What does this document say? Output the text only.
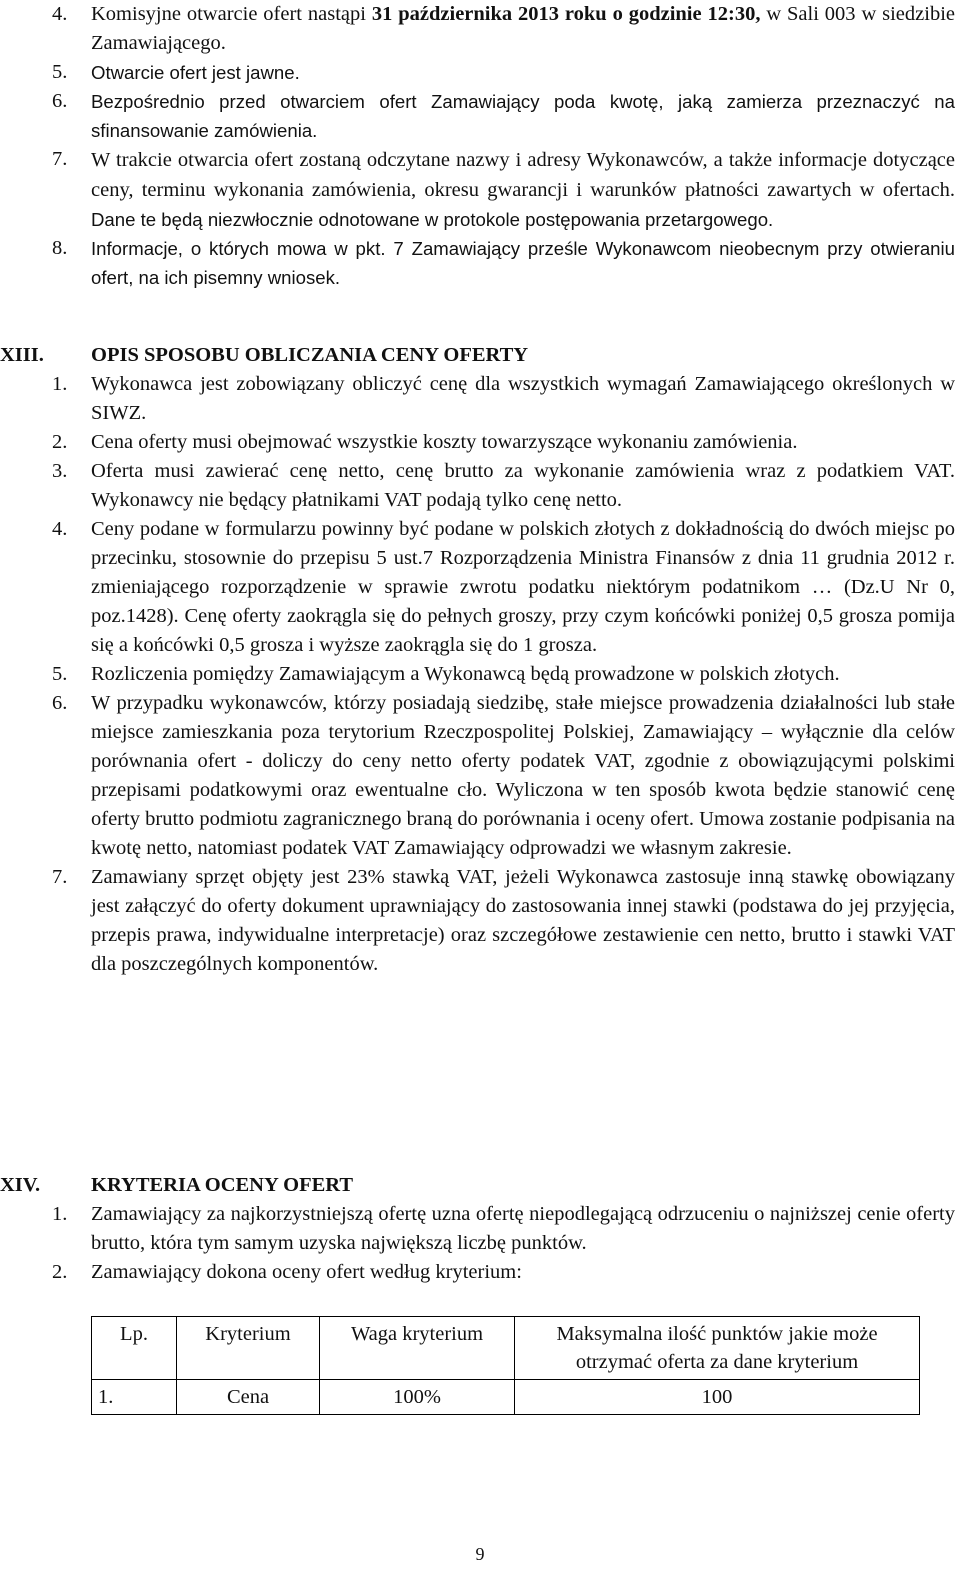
4.	Komisyjne otwarcie ofert nastąpi 31 października 2013 roku o godzinie 12:30, w Sali 003 w siedzibie Zamawiającego.
5.	Otwarcie ofert jest jawne.
6.	Bezpośrednio przed otwarciem ofert Zamawiający poda kwotę, jaką zamierza przeznaczyć na sfinansowanie zamówienia.
7.	W trakcie otwarcia ofert zostaną odczytane nazwy i adresy Wykonawców, a także informacje dotyczące ceny, terminu wykonania zamówienia, okresu gwarancji i warunków płatności zawartych w ofertach. Dane te będą niezwłocznie odnotowane w protokole postępowania przetargowego.
8.	Informacje, o których mowa w pkt. 7 Zamawiający prześle Wykonawcom nieobecnym przy otwieraniu ofert, na ich pisemny wniosek.
XIII.	OPIS SPOSOBU OBLICZANIA CENY OFERTY
1.	Wykonawca jest zobowiązany obliczyć cenę dla wszystkich wymagań Zamawiającego określonych w SIWZ.
2.	Cena oferty musi obejmować wszystkie koszty towarzyszące wykonaniu zamówienia.
3.	Oferta musi zawierać cenę netto, cenę brutto za wykonanie zamówienia wraz z podatkiem VAT. Wykonawcy nie będący płatnikami VAT podają tylko cenę netto.
4.	Ceny podane w formularzu powinny być podane w polskich złotych z dokładnością do dwóch miejsc po przecinku, stosownie do przepisu 5 ust.7 Rozporządzenia Ministra Finansów z dnia 11 grudnia 2012 r. zmieniającego rozporządzenie w sprawie zwrotu podatku niektórym podatnikom … (Dz.U Nr 0, poz.1428). Cenę oferty zaokrągla się do pełnych groszy, przy czym końcówki poniżej 0,5 grosza pomija się a końcówki 0,5 grosza i wyższe zaokrągla się do 1 grosza.
5.	Rozliczenia pomiędzy Zamawiającym a Wykonawcą będą prowadzone w polskich złotych.
6.	W przypadku wykonawców, którzy posiadają siedzibę, stałe miejsce prowadzenia działalności lub stałe miejsce zamieszkania poza terytorium Rzeczpospolitej Polskiej, Zamawiający – wyłącznie dla celów porównania ofert - doliczy do ceny netto oferty podatek VAT, zgodnie z obowiązującymi polskimi przepisami podatkowymi oraz ewentualne cło. Wyliczona w ten sposób kwota będzie stanowić cenę oferty brutto podmiotu zagranicznego braną do porównania i oceny ofert. Umowa zostanie podpisania na kwotę netto, natomiast podatek VAT Zamawiający odprowadzi we własnym zakresie.
7.	Zamawiany sprzęt objęty jest 23% stawką VAT, jeżeli Wykonawca zastosuje inną stawkę obowiązany jest załączyć do oferty dokument uprawniający do zastosowania innej stawki (podstawa do jej przyjęcia, przepis prawa, indywidualne interpretacje) oraz szczegółowe zestawienie cen netto, brutto i stawki VAT dla poszczególnych komponentów.
XIV.	KRYTERIA OCENY OFERT
1.	Zamawiający za najkorzystniejszą ofertę uzna ofertę niepodlegającą odrzuceniu o najniższej cenie oferty brutto, która tym samym uzyska największą liczbę punktów.
2.	Zamawiający dokona oceny ofert według kryterium:
Lp.	Kryterium	Waga kryterium	Maksymalna ilość punktów jakie może otrzymać oferta za dane kryterium
1.	Cena	100%	100
9
